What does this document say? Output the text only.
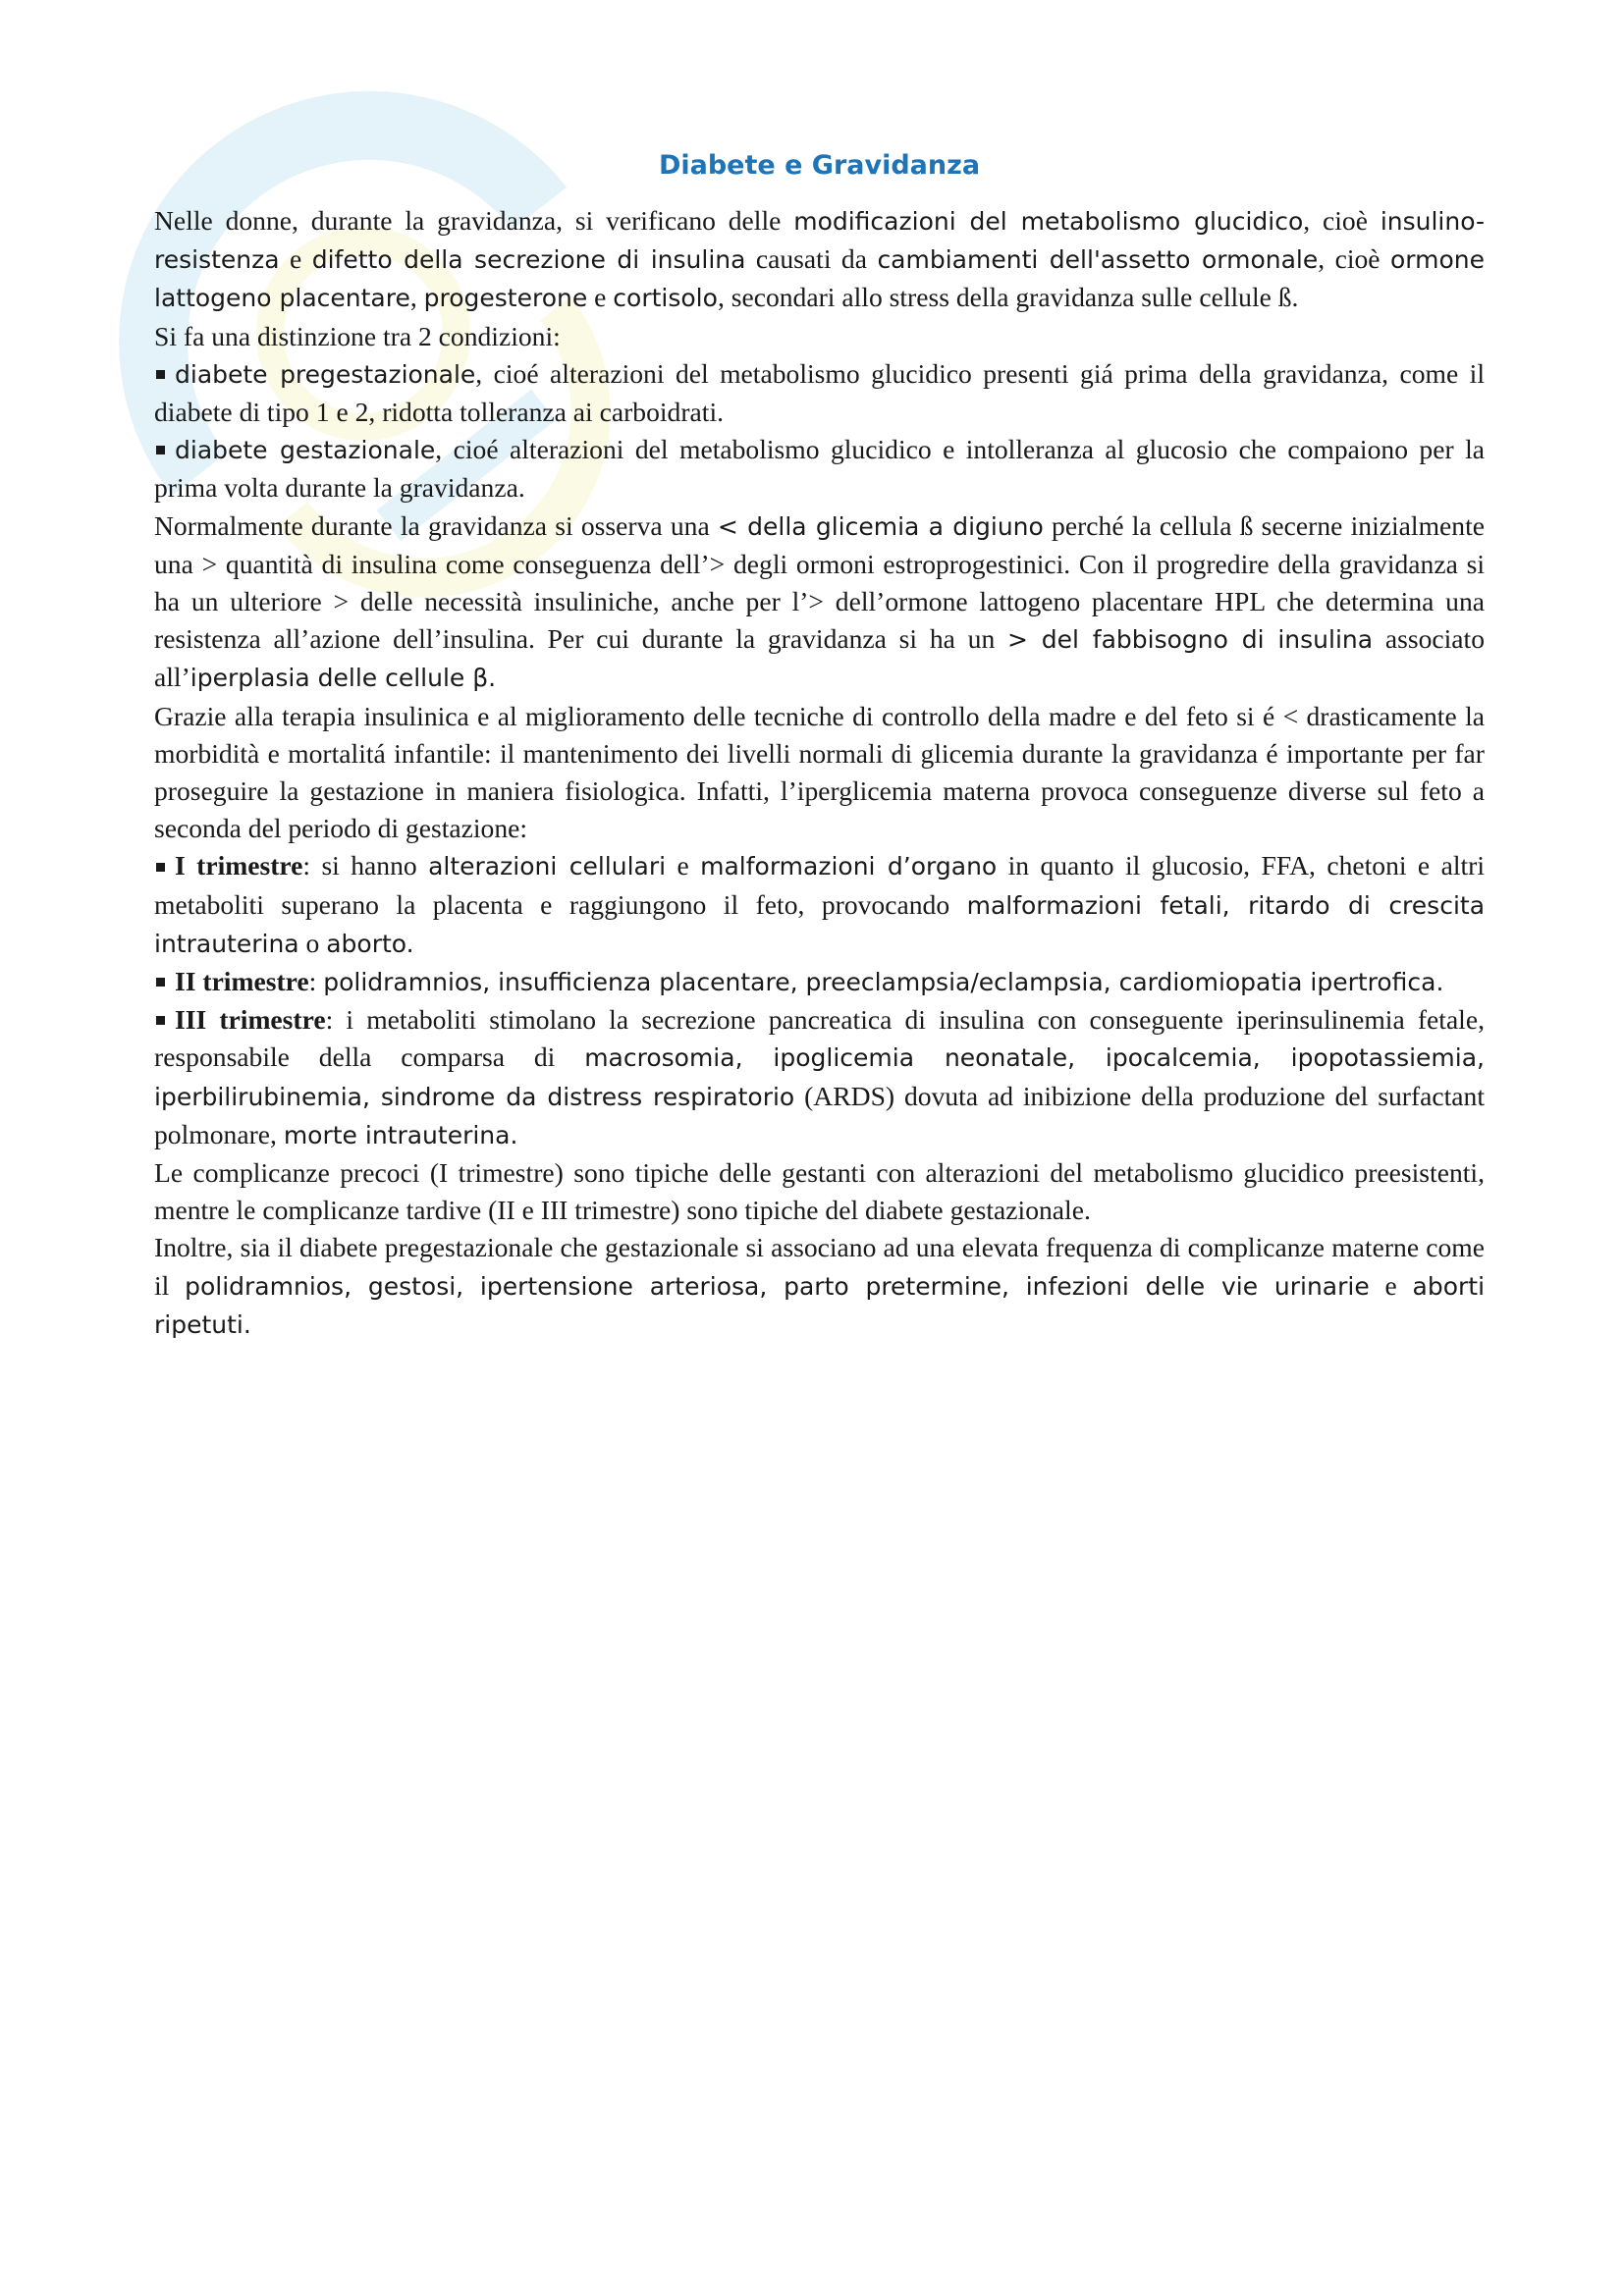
Diabete e Gravidanza

Nelle donne, durante la gravidanza, si verificano delle modificazioni del metabolismo glucidico, cioè insulino-resistenza e difetto della secrezione di insulina causati da cambiamenti dell'assetto ormonale, cioè ormone lattogeno placentare, progesterone e cortisolo, secondari allo stress della gravidanza sulle cellule ß.

Si fa una distinzione tra 2 condizioni:

diabete pregestazionale, cioé alterazioni del metabolismo glucidico presenti giá prima della gravidanza, come il diabete di tipo 1 e 2, ridotta tolleranza ai carboidrati.

diabete gestazionale, cioé alterazioni del metabolismo glucidico e intolleranza al glucosio che compaiono per la prima volta durante la gravidanza.

Normalmente durante la gravidanza si osserva una < della glicemia a digiuno perché la cellula ß secerne inizialmente una > quantità di insulina come conseguenza dell’> degli ormoni estroprogestinici. Con il progredire della gravidanza si ha un ulteriore > delle necessità insuliniche, anche per l’> dell’ormone lattogeno placentare HPL che determina una resistenza all’azione dell’insulina. Per cui durante la gravidanza si ha un > del fabbisogno di insulina associato all’iperplasia delle cellule β.

Grazie alla terapia insulinica e al miglioramento delle tecniche di controllo della madre e del feto si é < drasticamente la morbidità e mortalitá infantile: il mantenimento dei livelli normali di glicemia durante la gravidanza é importante per far proseguire la gestazione in maniera fisiologica. Infatti, l’iperglicemia materna provoca conseguenze diverse sul feto a seconda del periodo di gestazione:

I trimestre: si hanno alterazioni cellulari e malformazioni d’organo in quanto il glucosio, FFA, chetoni e altri metaboliti superano la placenta e raggiungono il feto, provocando malformazioni fetali, ritardo di crescita intrauterina o aborto.

II trimestre: polidramnios, insufficienza placentare, preeclampsia/eclampsia, cardiomiopatia ipertrofica.

III trimestre: i metaboliti stimolano la secrezione pancreatica di insulina con conseguente iperinsulinemia fetale, responsabile della comparsa di macrosomia, ipoglicemia neonatale, ipocalcemia, ipopotassiemia, iperbilirubinemia, sindrome da distress respiratorio (ARDS) dovuta ad inibizione della produzione del surfactant polmonare, morte intrauterina.

Le complicanze precoci (I trimestre) sono tipiche delle gestanti con alterazioni del metabolismo glucidico preesistenti, mentre le complicanze tardive (II e III trimestre) sono tipiche del diabete gestazionale.

Inoltre, sia il diabete pregestazionale che gestazionale si associano ad una elevata frequenza di complicanze materne come il polidramnios, gestosi, ipertensione arteriosa, parto pretermine, infezioni delle vie urinarie e aborti ripetuti.
